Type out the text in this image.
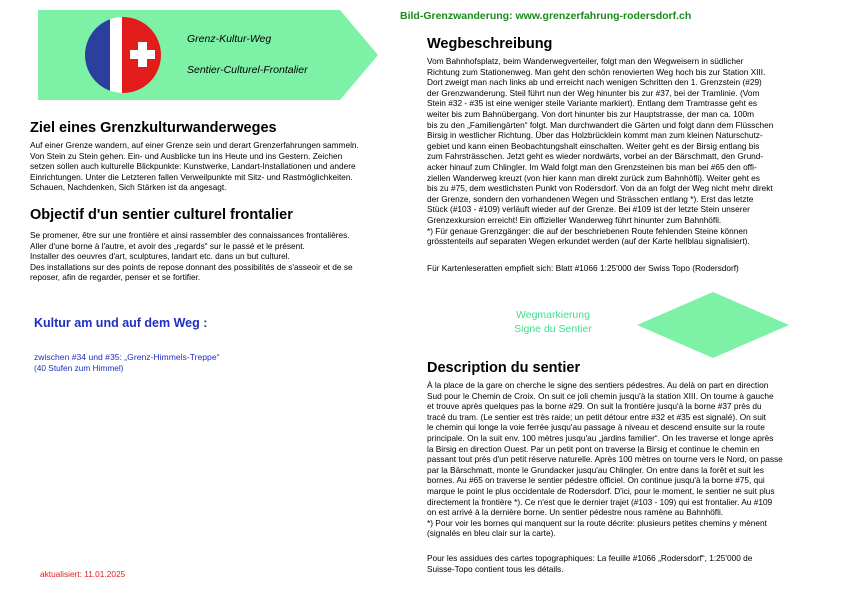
Grenz-Kultur-Weg
Sentier-Culturel-Frontalier
Bild-Grenzwanderung: www.grenzerfahrung-rodersdorf.ch
Ziel eines Grenzkulturwanderweges

Auf einer Grenze wandern, auf einer Grenze sein und derart Grenzerfahrungen sammeln.
Von Stein zu Stein gehen. Ein- und Ausblicke tun ins Heute und ins Gestern. Zeichen
setzen sollen auch kulturelle Blickpunkte: Kunstwerke, Landart-Installationen und andere
Einrichtungen. Unter die Letzteren fallen Verweilpunkte mit Sitz- und Rastmöglichkeiten.
Schauen, Nachdenken, Sich Stärken ist da angesagt.

Objectif d'un sentier culturel frontalier

Se promener, être sur une frontière et ainsi rassembler des connaissances frontalières.
Aller d'une borne à l'autre, et avoir des „regards“ sur le passé et le présent.
Installer des oeuvres d'art, sculptures, landart etc. dans un but culturel.
Des installations sur des points de repose donnant des possibilités de s'asseoir et de se
reposer, afin de regarder, penser et se fortifier.

Kultur am und auf dem Weg :
zwischen #34 und #35: „Grenz-Himmels-Treppe“
(40 Stufen zum Himmel)
aktualisiert: 11.01.2025
Wegbeschreibung

Vom Bahnhofsplatz, beim Wanderwegverteiler, folgt man den Wegweisern in südlicher
Richtung zum Stationenweg. Man geht den schön renovierten Weg hoch bis zur Station XIII.
Dort zweigt man nach links ab und erreicht nach wenigen Schritten den 1. Grenzstein (#29)
der Grenzwanderung. Steil führt nun der Weg hinunter bis zur #37, bei der Tramlinie. (Vom
Stein #32 - #35 ist eine weniger steile Variante markiert). Entlang dem Tramtrasse geht es
weiter bis zum Bahnübergang. Von dort hinunter bis zur Hauptstrasse, der man ca. 100m
bis zu den „Familiengärten“ folgt. Man durchwandert die Gärten und folgt dann dem Flüsschen
Birsig in westlicher Richtung. Über das Holzbrücklein kommt man zum kleinen Naturschutz-
gebiet und kann einen Beobachtungshalt einschalten. Weiter geht es der Birsig entlang bis
zum Fahrsträsschen. Jetzt geht es wieder nordwärts, vorbei an der Bärschmatt, den Grund-
acker hinauf zum Chlingler. Im Wald folgt man den Grenzsteinen bis man bei #65 den offi-
ziellen Wanderweg kreuzt (von hier kann man direkt zurück zum Bahnhöfli). Weiter geht es
bis zu #75, dem westlichsten Punkt von Rodersdorf. Von da an folgt der Weg nicht mehr direkt
der Grenze, sondern den vorhandenen Wegen und Strässchen entlang *). Erst das letzte
Stück (#103 - #109) verläuft wieder auf der Grenze. Bei #109 ist der letzte Stein unserer
Grenzexkursion erreicht! Ein offizieller Wanderweg führt hinunter zum Bahnhöfli.
*) Für genaue Grenzgänger: die auf der beschriebenen Route fehlenden Steine können
grösstenteils auf separaten Wegen erkundet werden (auf der Karte hellblau signalisiert).

Für Kartenleseratten empfielt sich: Blatt #1066 1:25'000 der Swiss Topo (Rodersdorf)
Wegmarkierung
Signe du Sentier
Description du sentier

À la place de la gare on cherche le signe des sentiers pédestres. Au delà on part en direction
Sud pour le Chemin de Croix. On suit ce joli chemin jusqu'à la station XIII. On tourne à gauche
et trouve après quelques pas la borne #29. On suit la frontière jusqu'à la borne #37 près du
tracé du tram. (Le sentier est très raide; un petit détour entre #32 et #35 est signalé). On suit
le chemin qui longe la voie ferrée jusqu'au passage à niveau et descend ensuite sur la route
principale. On la suit env. 100 mètres jusqu'au „jardins familier“. On les traverse et longe après
la Birsig en direction Ouest. Par un petit pont on traverse la Birsig et continue le chemin en
passant tout près d'un petit réserve naturelle. Après 100 mètres on tourne vers le Nord, on passe
par la Bärschmatt, monte le Grundacker jusqu'au Chlingler. On entre dans la forêt et suit les
bornes. Au #65 on traverse le sentier pédestre officiel. On continue jusqu'à la borne #75, qui
marque le point le plus occidentale de Rodersdorf. D'ici, pour le moment, le sentier ne suit plus
directement la frontière *). Ce n'est que le dernier trajet (#103 - 109) qui est frontalier. Au #109
on est arrivé à la dernière borne. Un sentier pédestre nous ramène au Bahnhöfli.
*) Pour voir les bornes qui manquent sur la route décrite: plusieurs petites chemins y mènent
(signalés en bleu clair sur la carte).

Pour les assidues des cartes topographiques: La feuille #1066 „Rodersdorf“, 1:25'000 de
Suisse-Topo contient tous les détails.
